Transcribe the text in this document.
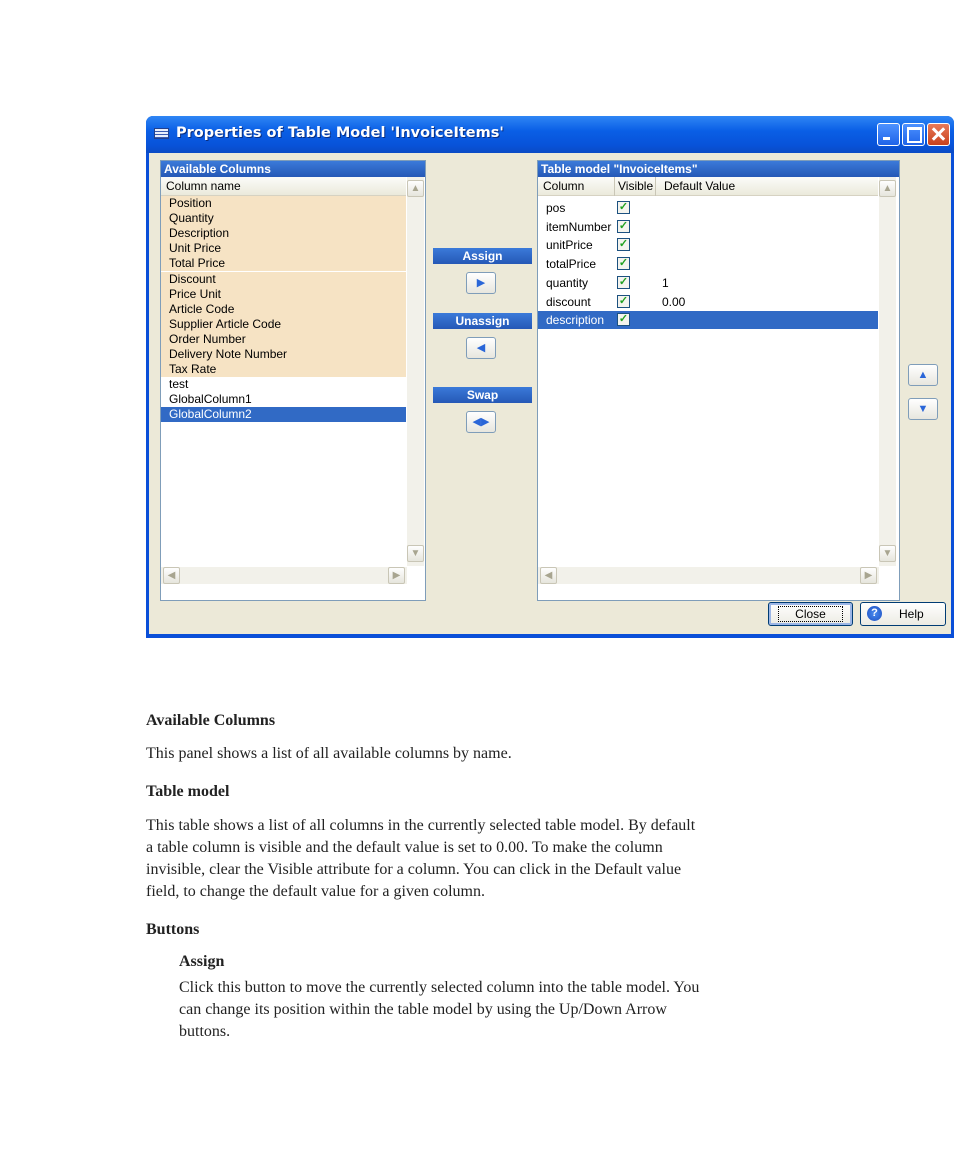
Properties of Table Model 'InvoiceItems'
Available Columns
Column name
Position
Quantity
Description
Unit Price
Total Price
Discount
Price Unit
Article Code
Supplier Article Code
Order Number
Delivery Note Number
Tax Rate
test
GlobalColumn1
GlobalColumn2
▲
▼
◀	▶
Assign
▶
Unassign
◀
Swap
◀▶
Table model "InvoiceItems"
Column	Visible Default Value
pos	✓
itemNumber ✓
unitPrice ✓
totalPrice ✓
quantity	✓	1
discount	✓	0.00
description ✓
▲
▼
◀	▶
▲
▼
Close	?	Help
Available Columns
This panel shows a list of all available columns by name.
Table model
This table shows a list of all columns in the currently selected table model. By default
a table column is visible and the default value is set to 0.00. To make the column
invisible, clear the Visible attribute for a column. You can click in the Default value
field, to change the default value for a given column.
Buttons
Assign
Click this button to move the currently selected column into the table model. You
can change its position within the table model by using the Up/Down Arrow
buttons.
